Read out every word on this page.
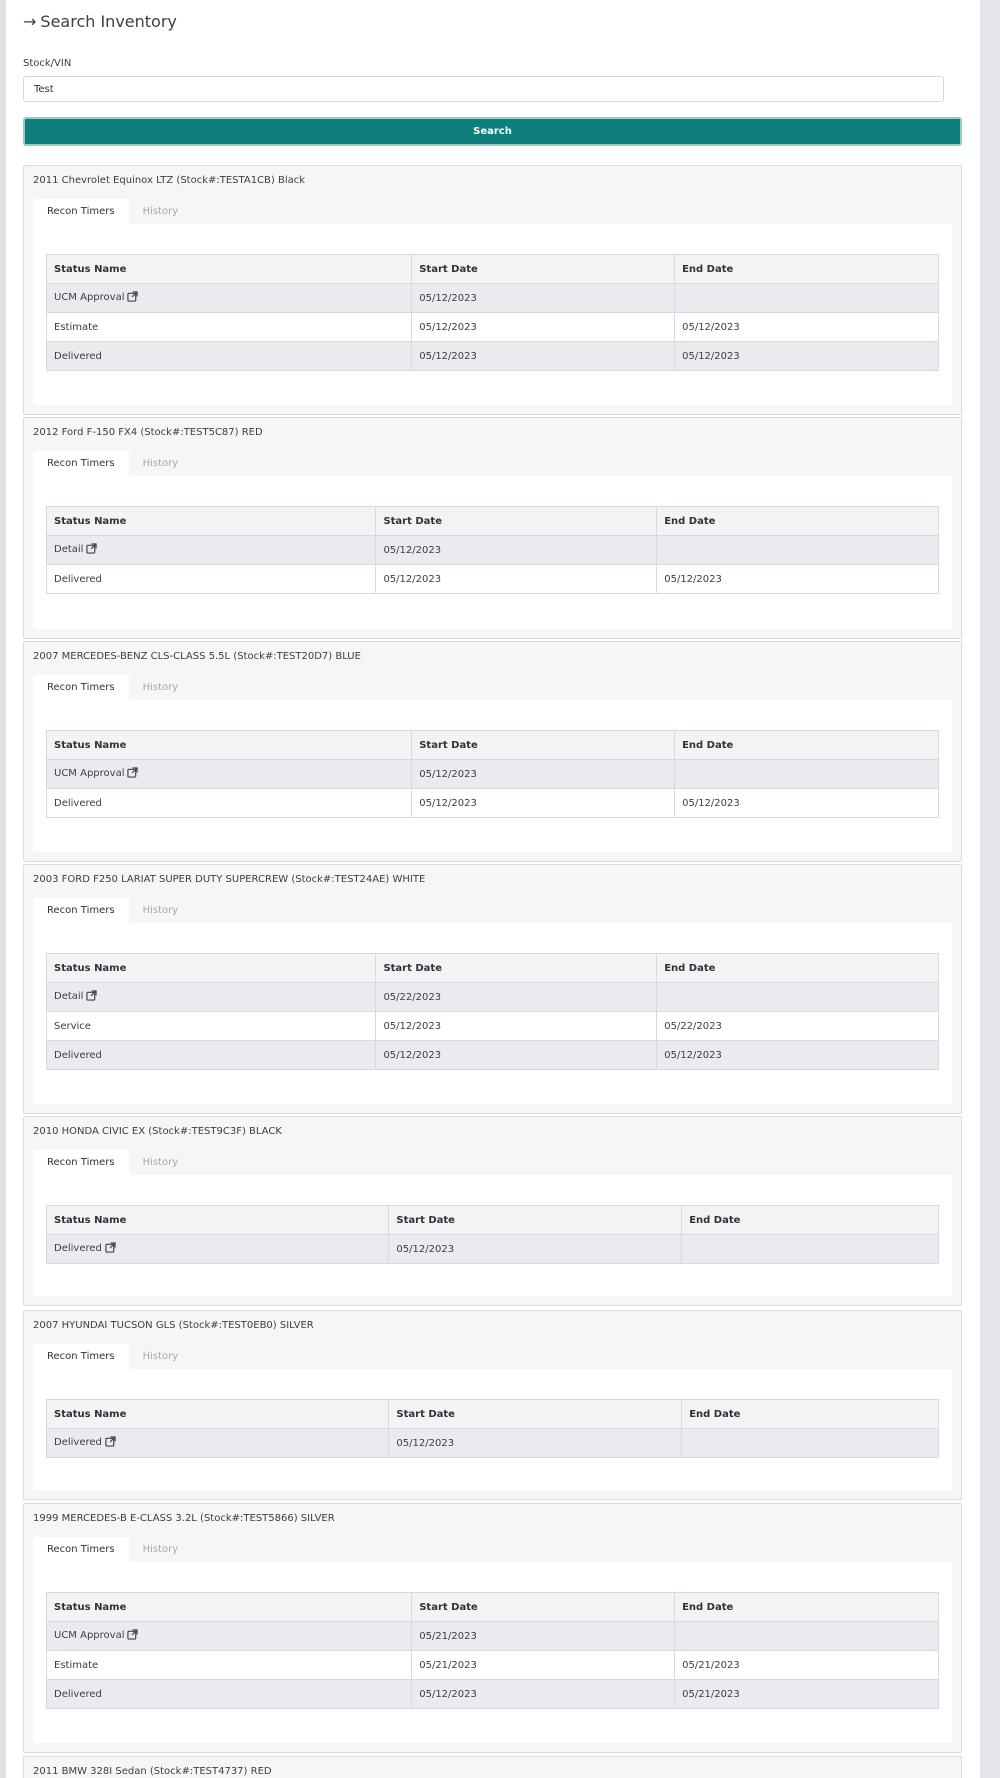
→ Search Inventory
Stock/VIN
Test
Search
2011 Chevrolet Equinox LTZ (Stock#:TESTA1CB) Black
Recon Timers	History
Status Name	Start Date	End Date
UCM Approval	05/12/2023	
Estimate	05/12/2023	05/12/2023
Delivered	05/12/2023	05/12/2023
2012 Ford F-150 FX4 (Stock#:TEST5C87) RED
Recon Timers	History
Status Name	Start Date	End Date
Detail	05/12/2023	
Delivered	05/12/2023	05/12/2023
2007 MERCEDES-BENZ CLS-CLASS 5.5L (Stock#:TEST20D7) BLUE
Recon Timers	History
Status Name	Start Date	End Date
UCM Approval	05/12/2023	
Delivered	05/12/2023	05/12/2023
2003 FORD F250 LARIAT SUPER DUTY SUPERCREW (Stock#:TEST24AE) WHITE
Recon Timers	History
Status Name	Start Date	End Date
Detail	05/22/2023	
Service	05/12/2023	05/22/2023
Delivered	05/12/2023	05/12/2023
2010 HONDA CIVIC EX (Stock#:TEST9C3F) BLACK
Recon Timers	History
Status Name	Start Date	End Date
Delivered	05/12/2023	
2007 HYUNDAI TUCSON GLS (Stock#:TEST0EB0) SILVER
Recon Timers	History
Status Name	Start Date	End Date
Delivered	05/12/2023	
1999 MERCEDES-B E-CLASS 3.2L (Stock#:TEST5866) SILVER
Recon Timers	History
Status Name	Start Date	End Date
UCM Approval	05/21/2023	
Estimate	05/21/2023	05/21/2023
Delivered	05/12/2023	05/21/2023
2011 BMW 328I Sedan (Stock#:TEST4737) RED
